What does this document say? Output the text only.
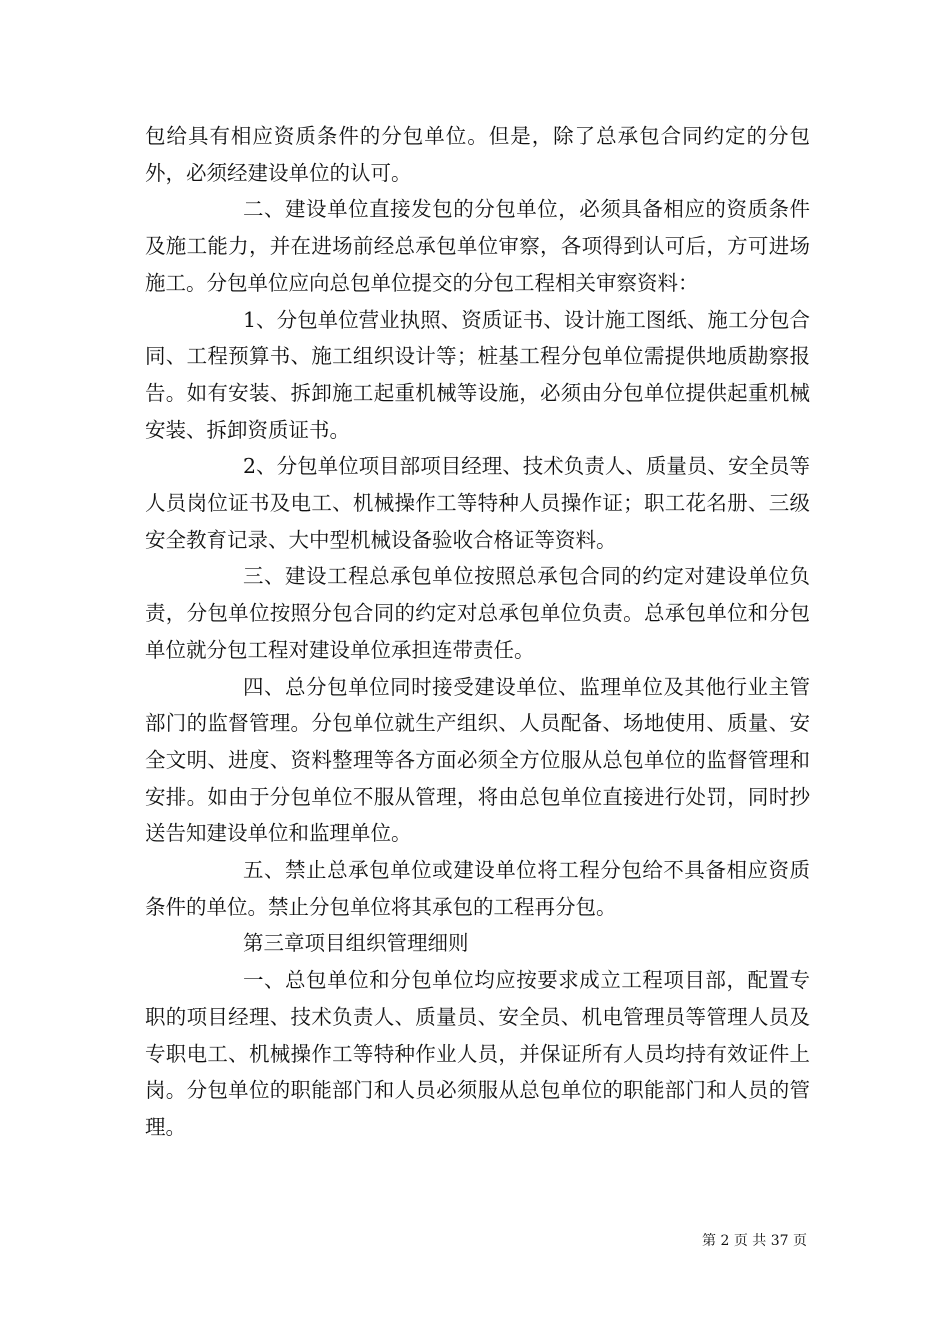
包给具有相应资质条件的分包单位。但是，除了总承包合同约定的分包外，必须经建设单位的认可。

二、建设单位直接发包的分包单位，必须具备相应的资质条件及施工能力，并在进场前经总承包单位审察，各项得到认可后，方可进场施工。分包单位应向总包单位提交的分包工程相关审察资料：

1、分包单位营业执照、资质证书、设计施工图纸、施工分包合同、工程预算书、施工组织设计等；桩基工程分包单位需提供地质勘察报告。如有安装、拆卸施工起重机械等设施，必须由分包单位提供起重机械安装、拆卸资质证书。

2、分包单位项目部项目经理、技术负责人、质量员、安全员等人员岗位证书及电工、机械操作工等特种人员操作证；职工花名册、三级安全教育记录、大中型机械设备验收合格证等资料。

三、建设工程总承包单位按照总承包合同的约定对建设单位负责，分包单位按照分包合同的约定对总承包单位负责。总承包单位和分包单位就分包工程对建设单位承担连带责任。

四、总分包单位同时接受建设单位、监理单位及其他行业主管部门的监督管理。分包单位就生产组织、人员配备、场地使用、质量、安全文明、进度、资料整理等各方面必须全方位服从总包单位的监督管理和安排。如由于分包单位不服从管理，将由总包单位直接进行处罚，同时抄送告知建设单位和监理单位。

五、禁止总承包单位或建设单位将工程分包给不具备相应资质条件的单位。禁止分包单位将其承包的工程再分包。

第三章项目组织管理细则

一、总包单位和分包单位均应按要求成立工程项目部，配置专职的项目经理、技术负责人、质量员、安全员、机电管理员等管理人员及专职电工、机械操作工等特种作业人员，并保证所有人员均持有效证件上岗。分包单位的职能部门和人员必须服从总包单位的职能部门和人员的管理。

第 2 页 共 37 页
